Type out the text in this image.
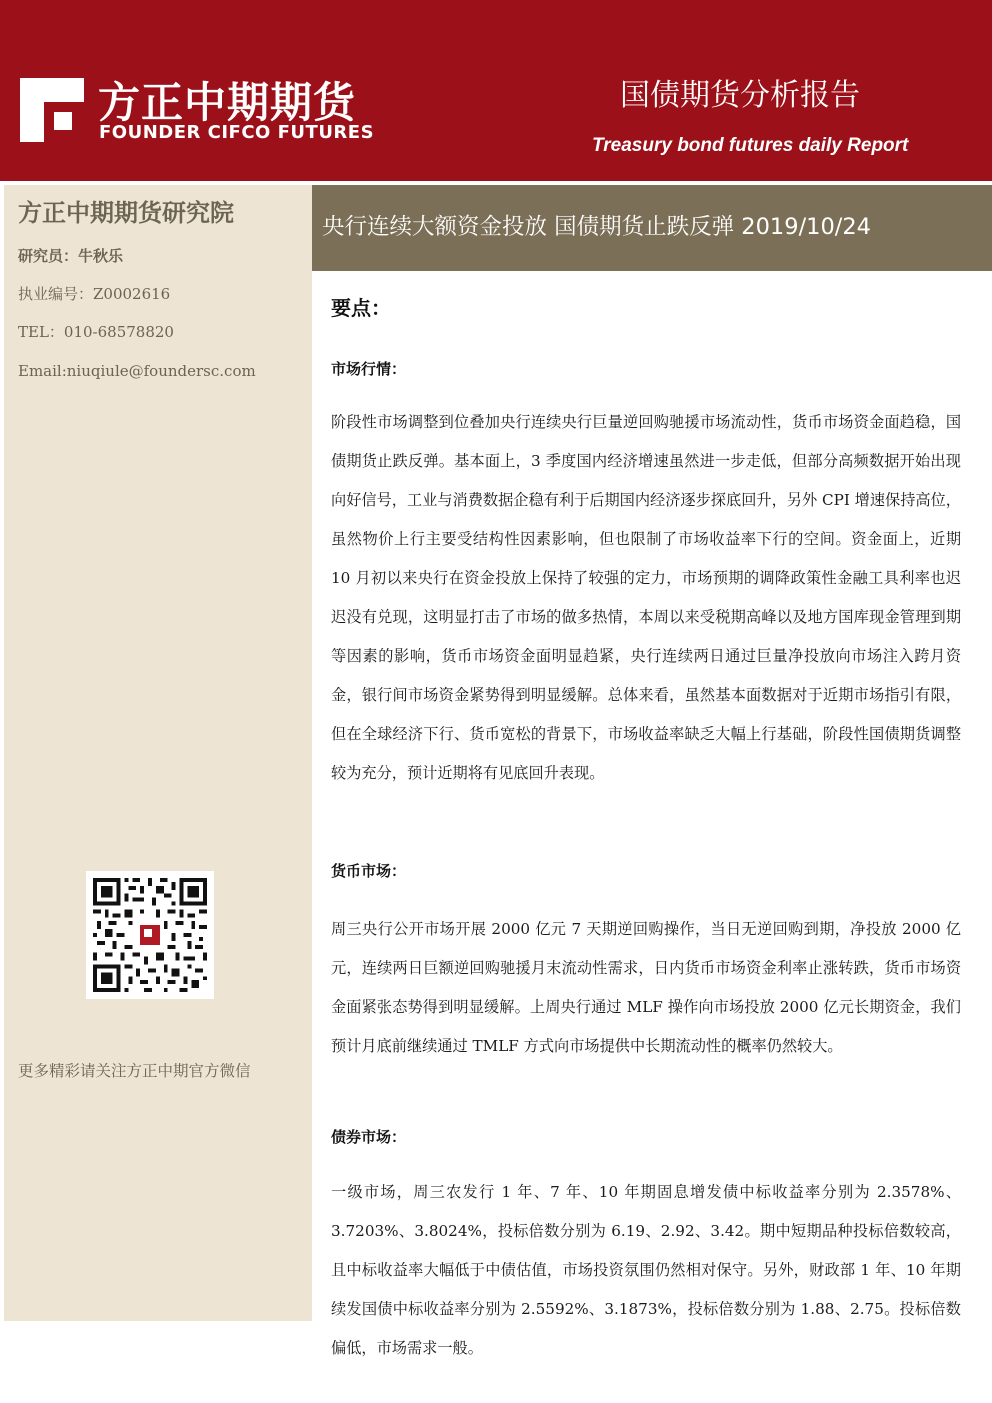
方正中期期货
FOUNDER CIFCO FUTURES
国债期货分析报告
Treasury bond futures daily Report
方正中期期货研究院
研究员：牛秋乐
执业编号：Z0002616
TEL：010-68578820
Email:niuqiule@foundersc.com
更多精彩请关注方正中期官方微信
央行连续大额资金投放 国债期货止跌反弹 2019/10/24
要点：
市场行情：

阶段性市场调整到位叠加央行连续央行巨量逆回购驰援市场流动性，货币市场资金面趋稳，国债期货止跌反弹。基本面上，3 季度国内经济增速虽然进一步走低，但部分高频数据开始出现向好信号，工业与消费数据企稳有利于后期国内经济逐步探底回升，另外 CPI 增速保持高位，虽然物价上行主要受结构性因素影响，但也限制了市场收益率下行的空间。资金面上，近期 10 月初以来央行在资金投放上保持了较强的定力，市场预期的调降政策性金融工具利率也迟迟没有兑现，这明显打击了市场的做多热情，本周以来受税期高峰以及地方国库现金管理到期等因素的影响，货币市场资金面明显趋紧，央行连续两日通过巨量净投放向市场注入跨月资金，银行间市场资金紧势得到明显缓解。总体来看，虽然基本面数据对于近期市场指引有限，但在全球经济下行、货币宽松的背景下，市场收益率缺乏大幅上行基础，阶段性国债期货调整较为充分，预计近期将有见底回升表现。

货币市场：

周三央行公开市场开展 2000 亿元 7 天期逆回购操作，当日无逆回购到期，净投放 2000 亿元，连续两日巨额逆回购驰援月末流动性需求，日内货币市场资金利率止涨转跌，货币市场资金面紧张态势得到明显缓解。上周央行通过 MLF 操作向市场投放 2000 亿元长期资金，我们预计月底前继续通过 TMLF 方式向市场提供中长期流动性的概率仍然较大。

债券市场：

一级市场，周三农发行 1 年、7 年、10 年期固息增发债中标收益率分别为 2.3578%、3.7203%、3.8024%，投标倍数分别为 6.19、2.92、3.42。期中短期品种投标倍数较高，且中标收益率大幅低于中债估值，市场投资氛围仍然相对保守。另外，财政部 1 年、10 年期续发国债中标收益率分别为 2.5592%、3.1873%，投标倍数分别为 1.88、2.75。投标倍数偏低，市场需求一般。
